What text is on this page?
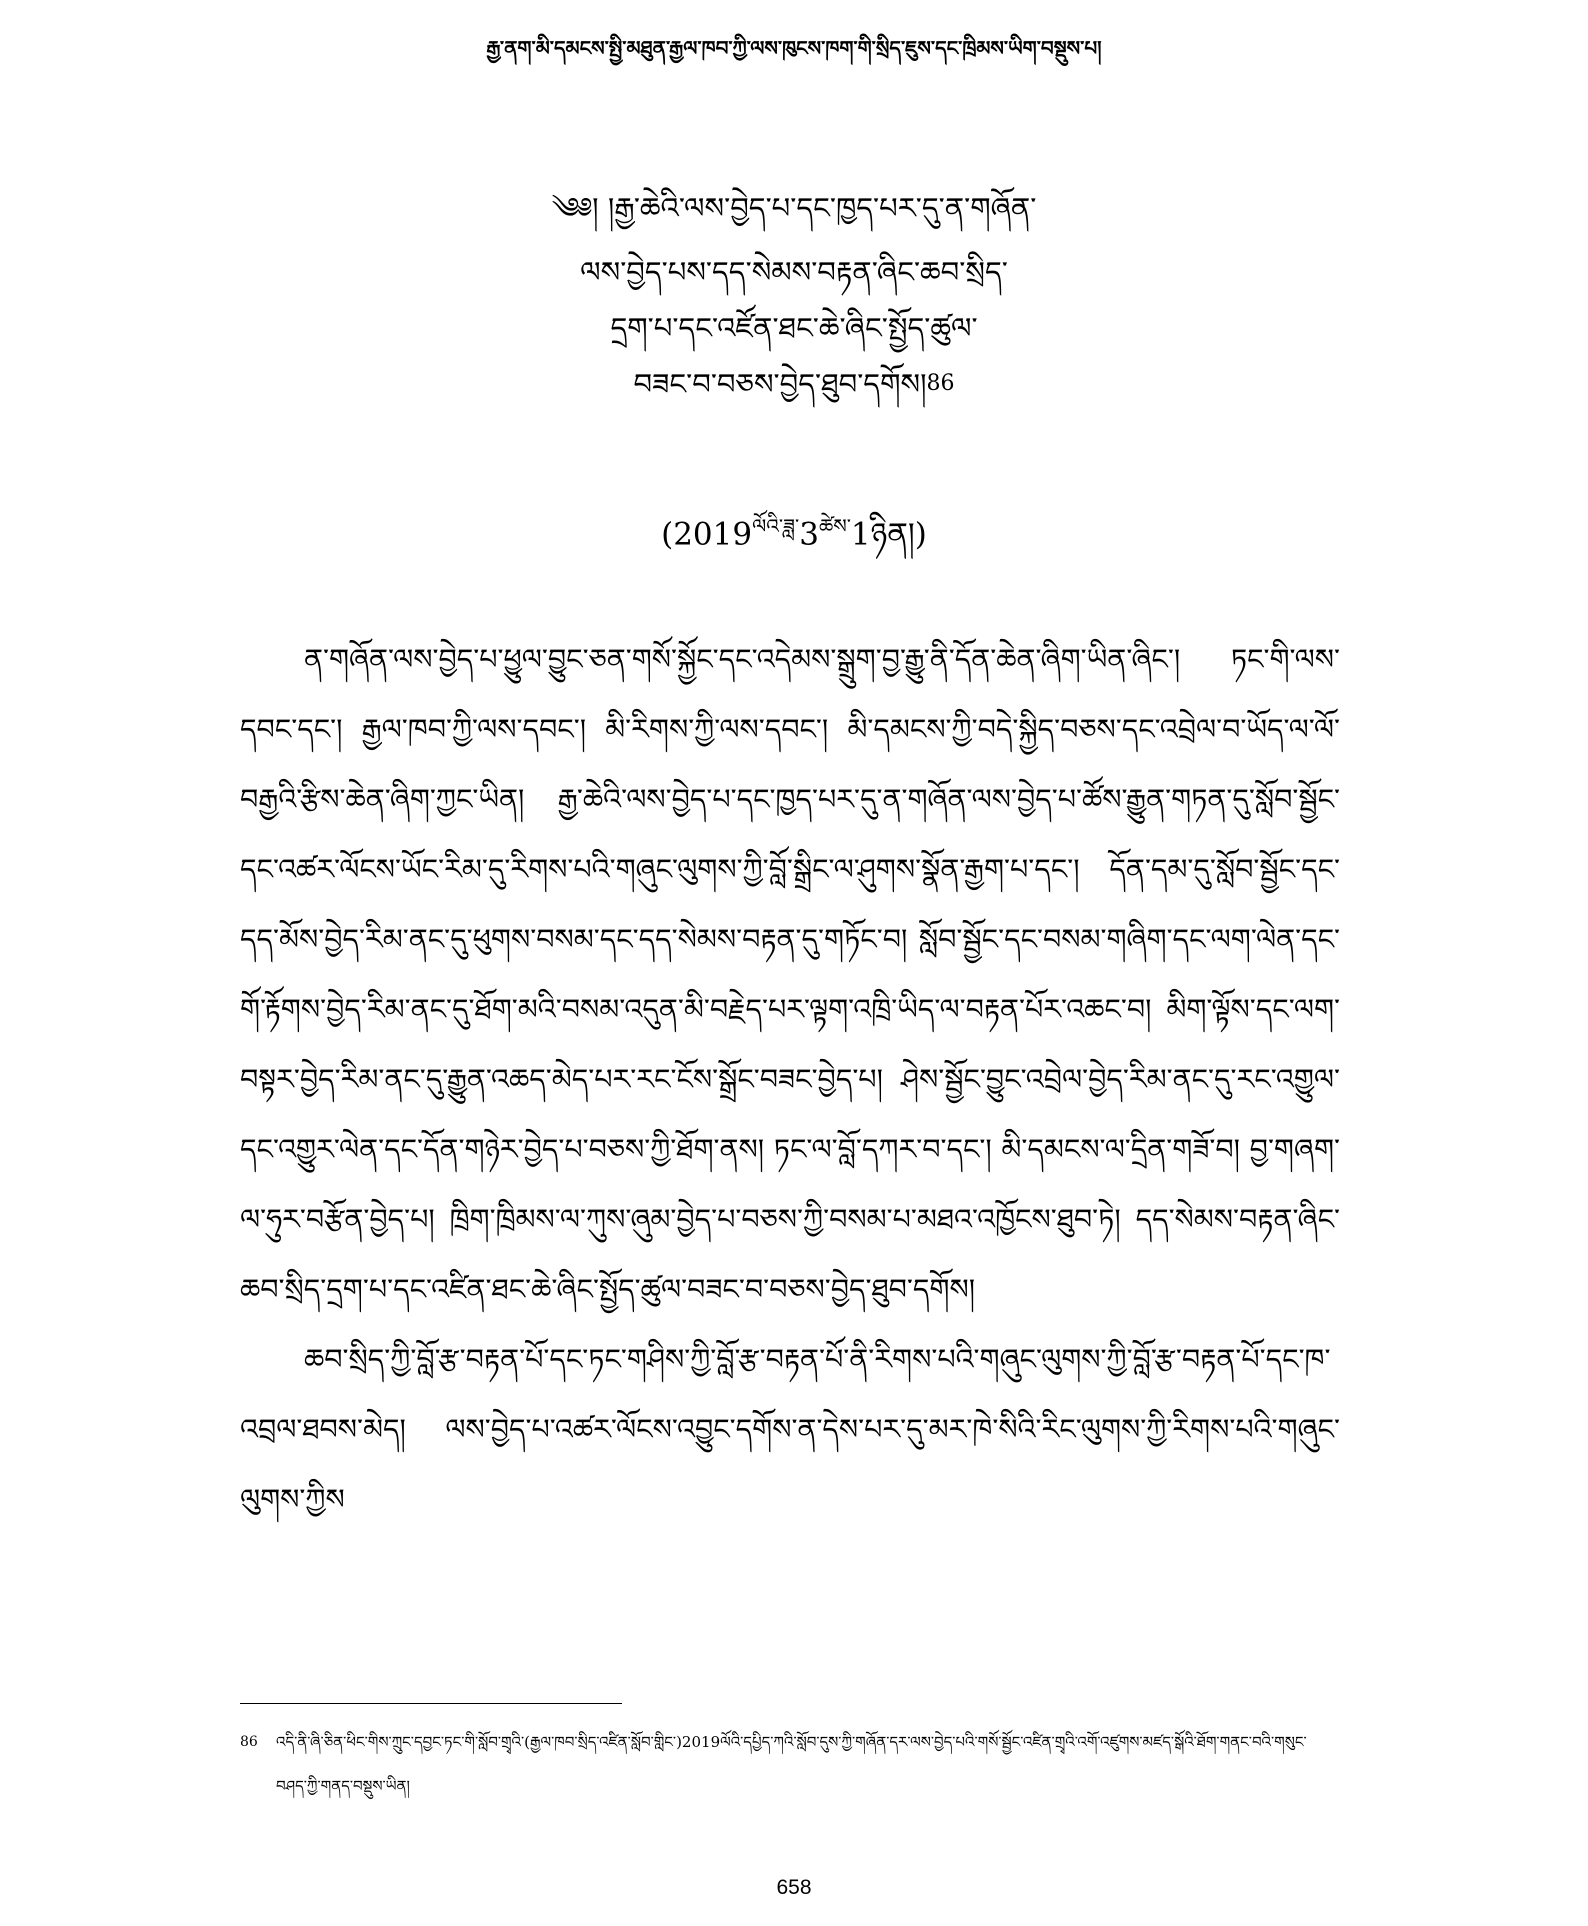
རྒྱ་ནག་མི་དམངས་སྤྱི་མཐུན་རྒྱལ་ཁབ་ཀྱི་ལས་ཁུངས་ཁག་གི་སྲིད་ཇུས་དང་ཁྲིམས་ཡིག་བསྡུས་པ།

༄༅། །རྒྱ་ཆེའི་ལས་བྱེད་པ་དང་ཁྱད་པར་དུ་ན་གཞོན་

ལས་བྱེད་པས་དད་སེམས་བརྟན་ཞིང་ཆབ་སྲིད་

དྲག་པ་དང་འཛོན་ཐང་ཆེ་ཞིང་སྤྱོད་ཚུལ་

བཟང་བ་བཅས་བྱེད་ཐུབ་དགོས།$^{86}$

$(2019^{ལོའི་ཟླ་}3^{ཚེས་}1ཉིན།)$

ན་གཞོན་ལས་བྱེད་པ་ཕྱུལ་བྱུང་ཅན་གསོ་སྐྱོང་དང་འདེམས་སྒྲུག་བྱ་རྒྱུ་ནི་དོན་ཆེན་ཞིག་ཡིན་ཞིང་། ཏང་གི་ལས་དབང་དང་། རྒྱལ་ཁབ་ཀྱི་ལས་དབང་། མི་རིགས་ཀྱི་ལས་དབང་། མི་དམངས་ཀྱི་བདེ་སྐྱིད་བཅས་དང་འབྲེལ་བ་ཡོད་ལ་ལོ་བརྒྱའི་རྩིས་ཆེན་ཞིག་ཀྱང་ཡིན། རྒྱ་ཆེའི་ལས་བྱེད་པ་དང་ཁྱད་པར་དུ་ན་གཞོན་ལས་བྱེད་པ་ཚོས་རྒྱུན་གཏན་དུ་སློབ་སྦྱོང་དང་འཚར་ལོངས་ཡོང་རིམ་དུ་རིགས་པའི་གཞུང་ལུགས་ཀྱི་བློ་སྒྲིང་ལ་ཤུགས་སྣོན་རྒྱག་པ་དང་། དོན་དམ་དུ་སློབ་སྦྱོང་དང་དད་མོས་བྱེད་རིམ་ནང་དུ་ཕུགས་བསམ་དང་དད་སེམས་བརྟན་དུ་གཏོང་བ། སློབ་སྦྱོང་དང་བསམ་གཞིག་དང་ལག་ལེན་དང་གོ་རྟོགས་བྱེད་རིམ་ནང་དུ་ཐོག་མའི་བསམ་འདུན་མི་བརྗེད་པར་ལྟག་འཁྲི་ཡིད་ལ་བརྟན་པོར་འཆང་བ། མིག་ལྟོས་དང་ལག་བསྟར་བྱེད་རིམ་ནང་དུ་རྒྱུན་འཆད་མེད་པར་རང་ངོས་སྒྲོང་བཟང་བྱེད་པ། ཤེས་སྦྱོང་བྱུང་འབྲེལ་བྱེད་རིམ་ནང་དུ་རང་འགྱུལ་དང་འགྱུར་ལེན་དང་དོན་གཉེར་བྱེད་པ་བཅས་ཀྱི་ཐོག་ནས། ཏང་ལ་བློ་དཀར་བ་དང་། མི་དམངས་ལ་དྲིན་གཟོ་བ། བྱ་གཞག་ལ་ཧུར་བརྩོན་བྱེད་པ། ཁྲིག་ཁྲིམས་ལ་ཀུས་ཞུམ་བྱེད་པ་བཅས་ཀྱི་བསམ་པ་མཐའ་འཁྱོངས་ཐུབ་ཏེ། དད་སེམས་བརྟན་ཞིང་ཆབ་སྲིད་དྲག་པ་དང་འཛིན་ཐང་ཆེ་ཞིང་སྤྱོད་ཚུལ་བཟང་བ་བཅས་བྱེད་ཐུབ་དགོས།

ཆབ་སྲིད་ཀྱི་བློ་རྩ་བརྟན་པོ་དང་ཏང་གཤིས་ཀྱི་བློ་རྩ་བརྟན་པོ་ནི་རིགས་པའི་གཞུང་ལུགས་ཀྱི་བློ་རྩ་བརྟན་པོ་དང་ཁ་འབྲལ་ཐབས་མེད། ལས་བྱེད་པ་འཚར་ལོངས་འབྱུང་དགོས་ན་དེས་པར་དུ་མར་ཁེ་སིའི་རིང་ལུགས་ཀྱི་རིགས་པའི་གཞུང་ལུགས་ཀྱིས

86 འདི་ནི་ཞི་ཅིན་ཕིང་གིས་ཀྲུང་དབྱང་ཏང་གི་སློབ་གྲྭའི་(རྒྱལ་ཁབ་སྲིད་འཛིན་སློབ་གླིང་)2019ལོའི་དཔྱིད་ཀའི་སློབ་དུས་ཀྱི་གཞོན་དར་ལས་བྱེད་པའི་གསོ་སྦྱོང་འཛིན་གྲྭའི་འགོ་འཛུགས་མཛད་སྒོའི་ཐོག་གནང་བའི་གསུང་བཤད་ཀྱི་གནད་བསྡུས་ཡིན།
658
